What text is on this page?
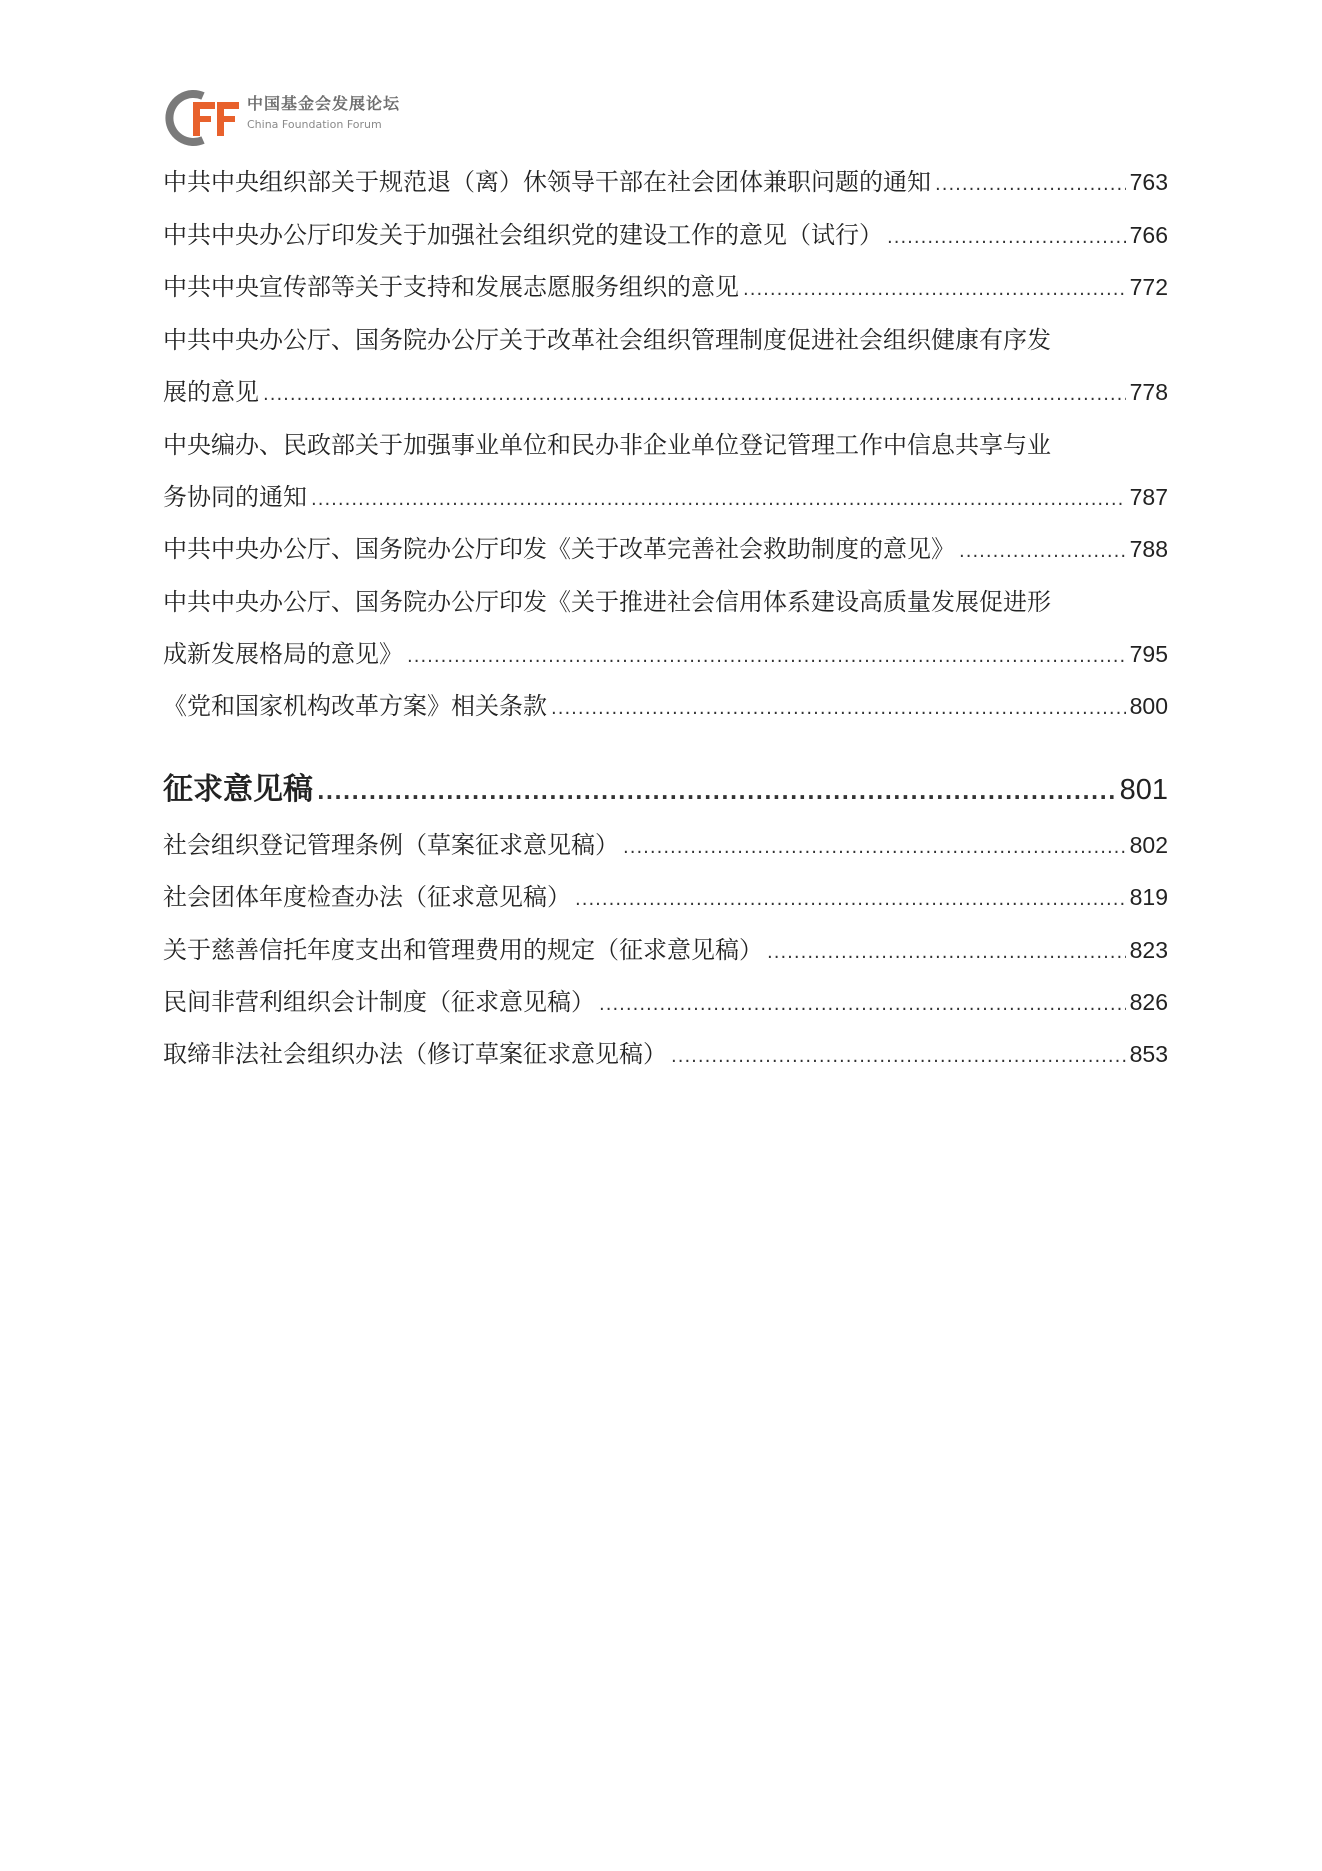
中国基金会发展论坛
China Foundation Forum
中共中央组织部关于规范退（离）休领导干部在社会团体兼职问题的通知 .....	763
中共中央办公厅印发关于加强社会组织党的建设工作的意见（试行） .....	766
中共中央宣传部等关于支持和发展志愿服务组织的意见 .....	772
中共中央办公厅、国务院办公厅关于改革社会组织管理制度促进社会组织健康有序发
展的意见 .....	778
中央编办、民政部关于加强事业单位和民办非企业单位登记管理工作中信息共享与业
务协同的通知 .....	787
中共中央办公厅、国务院办公厅印发《关于改革完善社会救助制度的意见》 .....	788
中共中央办公厅、国务院办公厅印发《关于推进社会信用体系建设高质量发展促进形
成新发展格局的意见》 .....	795
《党和国家机构改革方案》相关条款 .....	800
征求意见稿 .....	801
社会组织登记管理条例（草案征求意见稿） .....	802
社会团体年度检查办法（征求意见稿） .....	819
关于慈善信托年度支出和管理费用的规定（征求意见稿） .....	823
民间非营利组织会计制度（征求意见稿） .....	826
取缔非法社会组织办法（修订草案征求意见稿） .....	853
